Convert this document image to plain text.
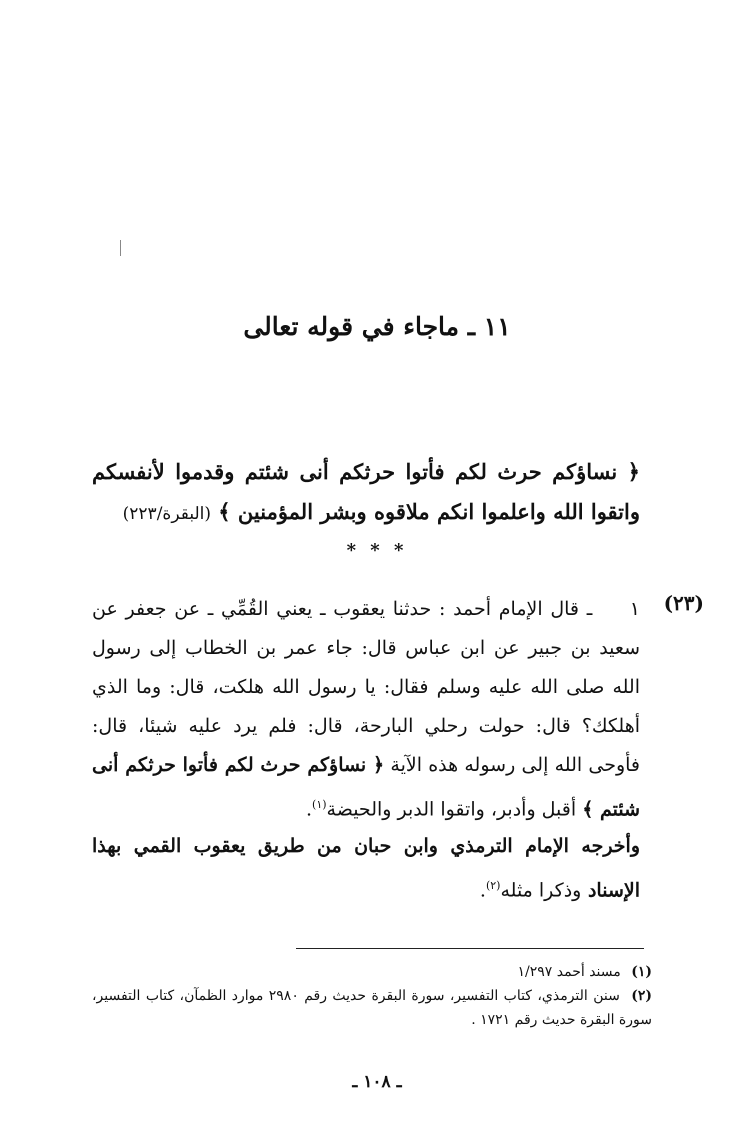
١١ ـ ماجاء في قوله تعالى
﴿ نساؤكم حرث لكم فأتوا حرثكم أنى شئتم وقدموا لأنفسكم واتقوا الله واعلموا انكم ملاقوه وبشر المؤمنين ﴾ (البقرة/٢٢٣)
* * *
(٢٣)
١ ـ قال الإمام أحمد : حدثنا يعقوب ـ يعني القُمِّي ـ عن جعفر عن سعيد بن جبير عن ابن عباس قال: جاء عمر بن الخطاب إلى رسول الله صلى الله عليه وسلم فقال: يا رسول الله هلكت، قال: وما الذي أهلكك؟ قال: حولت رحلي البارحة، قال: فلم يرد عليه شيئا، قال: فأوحى الله إلى رسوله هذه الآية ﴿ نساؤكم حرث لكم فأتوا حرثكم أنى شئتم ﴾ أقبل وأدبر، واتقوا الدبر والحيضة$^{(١)}$.
وأخرجه الإمام الترمذي وابن حبان من طريق يعقوب القمي بهذا الإسناد وذكرا مثله$^{(٢)}$.

(١) مسند أحمد ١/٢٩٧

(٢) سنن الترمذي، كتاب التفسير، سورة البقرة حديث رقم ٢٩٨٠ موارد الظمآن، كتاب التفسير، سورة البقرة حديث رقم ١٧٢١ .

ـ ١٠٨ ـ
